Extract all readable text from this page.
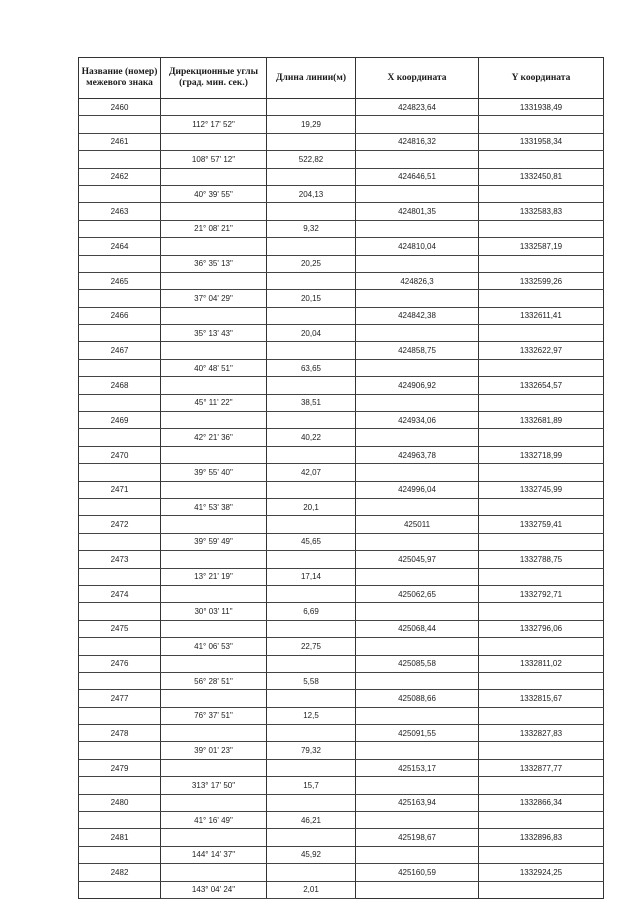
Название (номер) межевого знака	Дирекционные углы (град. мин. сек.)	Длина линии(м)	X координата	Y координата
2460			424823,64	1331938,49
	112° 17' 52"	19,29		
2461			424816,32	1331958,34
	108° 57' 12"	522,82		
2462			424646,51	1332450,81
	40° 39' 55"	204,13		
2463			424801,35	1332583,83
	21° 08' 21"	9,32		
2464			424810,04	1332587,19
	36° 35' 13"	20,25		
2465			424826,3	1332599,26
	37° 04' 29"	20,15		
2466			424842,38	1332611,41
	35° 13' 43"	20,04		
2467			424858,75	1332622,97
	40° 48' 51"	63,65		
2468			424906,92	1332654,57
	45° 11' 22"	38,51		
2469			424934,06	1332681,89
	42° 21' 36"	40,22		
2470			424963,78	1332718,99
	39° 55' 40"	42,07		
2471			424996,04	1332745,99
	41° 53' 38"	20,1		
2472			425011	1332759,41
	39° 59' 49"	45,65		
2473			425045,97	1332788,75
	13° 21' 19"	17,14		
2474			425062,65	1332792,71
	30° 03' 11"	6,69		
2475			425068,44	1332796,06
	41° 06' 53"	22,75		
2476			425085,58	1332811,02
	56° 28' 51"	5,58		
2477			425088,66	1332815,67
	76° 37' 51"	12,5		
2478			425091,55	1332827,83
	39° 01' 23"	79,32		
2479			425153,17	1332877,77
	313° 17' 50"	15,7		
2480			425163,94	1332866,34
	41° 16' 49"	46,21		
2481			425198,67	1332896,83
	144° 14' 37"	45,92		
2482			425160,59	1332924,25
	143° 04' 24"	2,01		
